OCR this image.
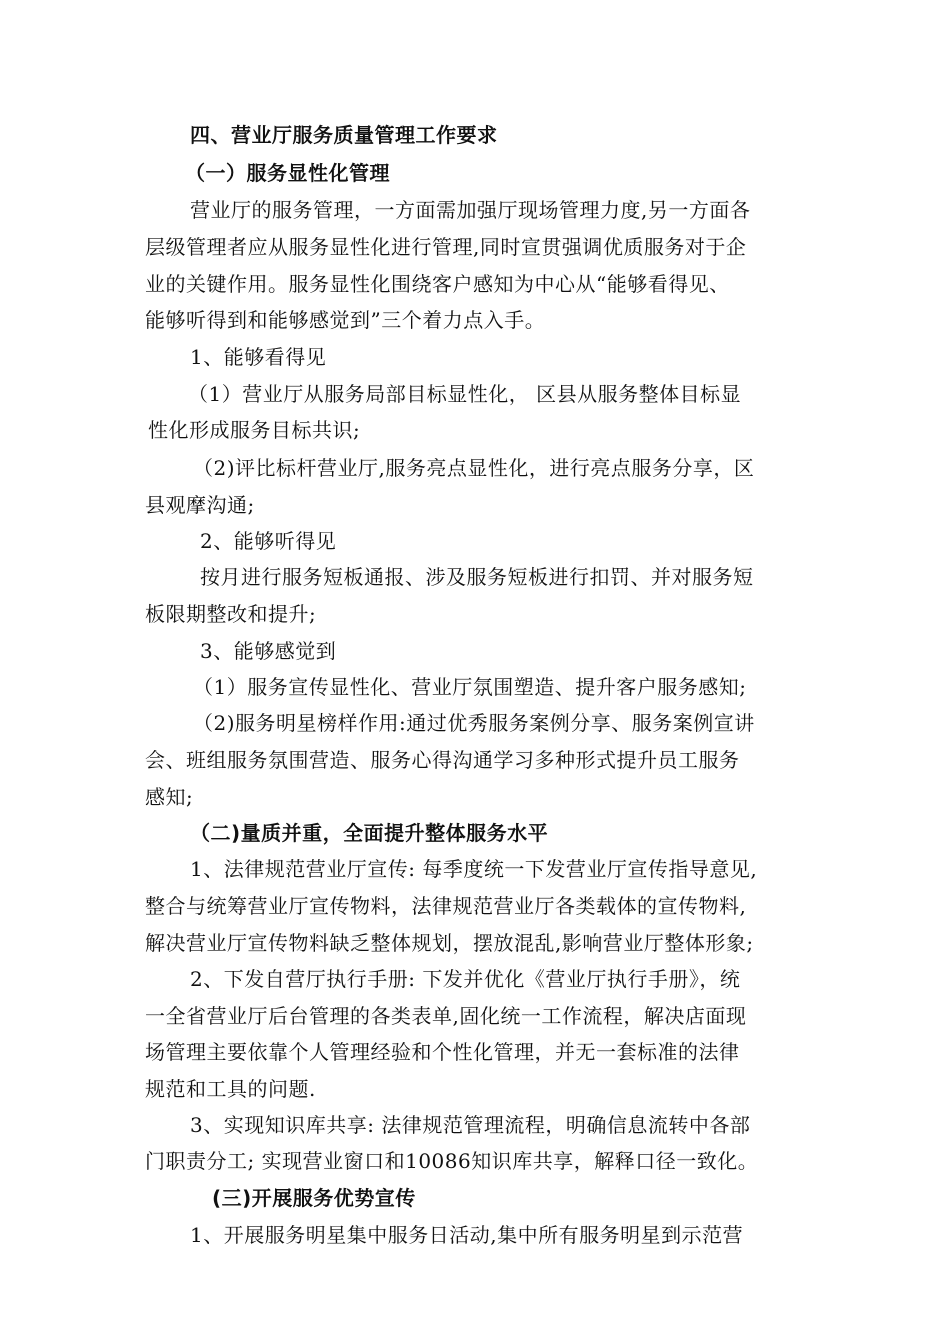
四、营业厅服务质量管理工作要求
（一）服务显性化管理
营业厅的服务管理，一方面需加强厅现场管理力度,另一方面各
层级管理者应从服务显性化进行管理,同时宣贯强调优质服务对于企
业的关键作用。服务显性化围绕客户感知为中心从“能够看得见、
能够听得到和能够感觉到”三个着力点入手。
1、能够看得见
（1）营业厅从服务局部目标显性化， 区县从服务整体目标显
性化形成服务目标共识;
（2)评比标杆营业厅,服务亮点显性化，进行亮点服务分享，区
县观摩沟通;
2、能够听得见
按月进行服务短板通报、涉及服务短板进行扣罚、并对服务短
板限期整改和提升;
3、能够感觉到
（1）服务宣传显性化、营业厅氛围塑造、提升客户服务感知;
（2)服务明星榜样作用:通过优秀服务案例分享、服务案例宣讲
会、班组服务氛围营造、服务心得沟通学习多种形式提升员工服务
感知;
（二)量质并重，全面提升整体服务水平
1、法律规范营业厅宣传: 每季度统一下发营业厅宣传指导意见,
整合与统筹营业厅宣传物料，法律规范营业厅各类载体的宣传物料,
解决营业厅宣传物料缺乏整体规划，摆放混乱,影响营业厅整体形象;
2、下发自营厅执行手册: 下发并优化《营业厅执行手册》，统
一全省营业厅后台管理的各类表单,固化统一工作流程，解决店面现
场管理主要依靠个人管理经验和个性化管理，并无一套标准的法律
规范和工具的问题.
3、实现知识库共享: 法律规范管理流程，明确信息流转中各部
门职责分工; 实现营业窗口和10086知识库共享，解释口径一致化。
(三)开展服务优势宣传
1、开展服务明星集中服务日活动,集中所有服务明星到示范营
